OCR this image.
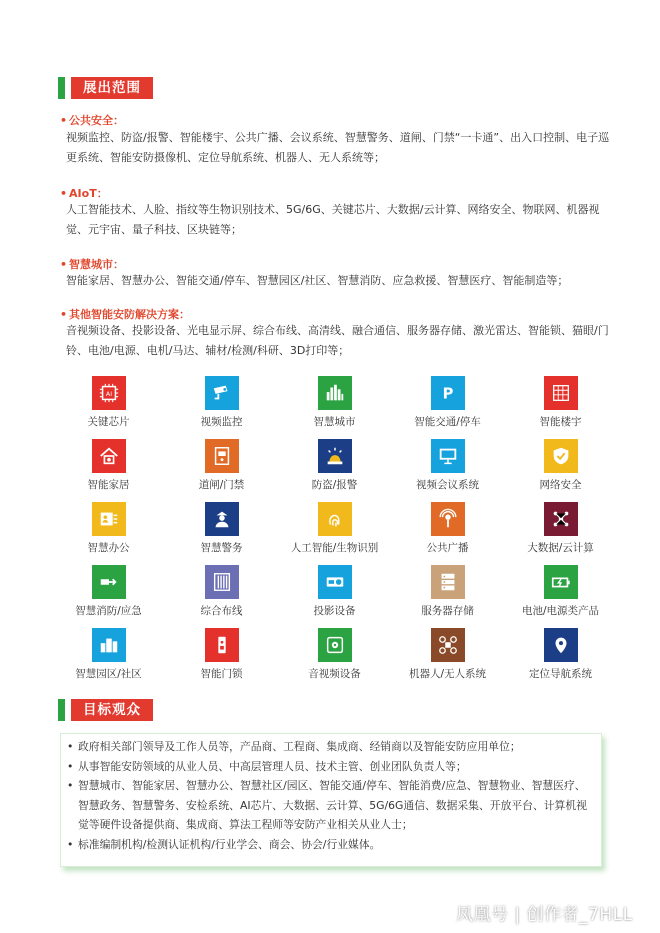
展出范围
• 公共安全：
视频监控、防盗/报警、智能楼宇、公共广播、会议系统、智慧警务、道闸、门禁“一卡通”、出入口控制、电子巡更系统、智能安防摄像机、定位导航系统、机器人、无人系统等；
• AIoT：
人工智能技术、人脸、指纹等生物识别技术、5G/6G、关键芯片、大数据/云计算、网络安全、物联网、机器视觉、元宇宙、量子科技、区块链等；
• 智慧城市：
智能家居、智慧办公、智能交通/停车、智慧园区/社区、智慧消防、应急救援、智慧医疗、智能制造等；
• 其他智能安防解决方案：
音视频设备、投影设备、光电显示屏、综合布线、高清线、融合通信、服务器存储、激光雷达、智能锁、猫眼/门铃、电池/电源、电机/马达、辅材/检测/科研、3D打印等；
AI
关键芯片	视频监控	智慧城市
P
智能交通/停车	智能楼宇
智能家居	道闸/门禁	防盗/报警	视频会议系统	网络安全
智慧办公	智慧警务	人工智能/生物识别	公共广播	大数据/云计算
智慧消防/应急	综合布线	投影设备	服务器存储	电池/电源类产品
智慧园区/社区	智能门锁	音视频设备	机器人/无人系统	定位导航系统
目标观众
• 政府相关部门领导及工作人员等，产品商、工程商、集成商、经销商以及智能安防应用单位；
• 从事智能安防领域的从业人员、中高层管理人员、技术主管、创业团队负责人等；
• 智慧城市、智能家居、智慧办公、智慧社区/园区、智能交通/停车、智能消费/应急、智慧物业、智慧医疗、智慧政务、智慧警务、安检系统、AI芯片、大数据、云计算、5G/6G通信、数据采集、开放平台、计算机视觉等硬件设备提供商、集成商、算法工程师等安防产业相关从业人士；
• 标准编制机构/检测认证机构/行业学会、商会、协会/行业媒体。
凤凰号 | 创作者_7HLL
